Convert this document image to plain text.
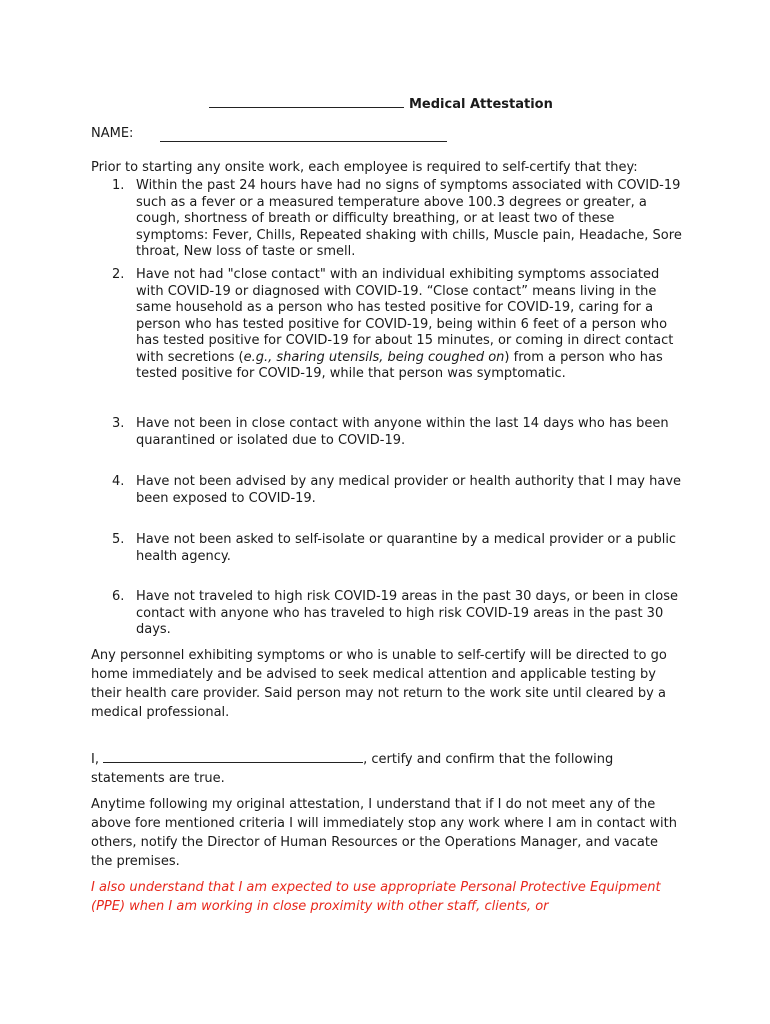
Medical Attestation
NAME:
Prior to starting any onsite work, each employee is required to self-certify that they:
1. Within the past 24 hours have had no signs of symptoms associated with COVID-19 such as a fever or a measured temperature above 100.3 degrees or greater, a cough, shortness of breath or difficulty breathing, or at least two of these symptoms: Fever, Chills, Repeated shaking with chills, Muscle pain, Headache, Sore throat, New loss of taste or smell.
2. Have not had "close contact" with an individual exhibiting symptoms associated with COVID-19 or diagnosed with COVID-19. “Close contact” means living in the same household as a person who has tested positive for COVID-19, caring for a person who has tested positive for COVID-19, being within 6 feet of a person who has tested positive for COVID-19 for about 15 minutes, or coming in direct contact with secretions (e.g., sharing utensils, being coughed on) from a person who has tested positive for COVID-19, while that person was symptomatic.
3. Have not been in close contact with anyone within the last 14 days who has been quarantined or isolated due to COVID-19.
4. Have not been advised by any medical provider or health authority that I may have been exposed to COVID-19.
5. Have not been asked to self-isolate or quarantine by a medical provider or a public health agency.
6. Have not traveled to high risk COVID-19 areas in the past 30 days, or been in close contact with anyone who has traveled to high risk COVID-19 areas in the past 30 days.
Any personnel exhibiting symptoms or who is unable to self-certify will be directed to go home immediately and be advised to seek medical attention and applicable testing by their health care provider. Said person may not return to the work site until cleared by a medical professional.
I,	, certify and confirm that the following statements are true.
Anytime following my original attestation, I understand that if I do not meet any of the above fore mentioned criteria I will immediately stop any work where I am in contact with others, notify the Director of Human Resources or the Operations Manager, and vacate the premises.
I also understand that I am expected to use appropriate Personal Protective Equipment (PPE) when I am working in close proximity with other staff, clients, or
